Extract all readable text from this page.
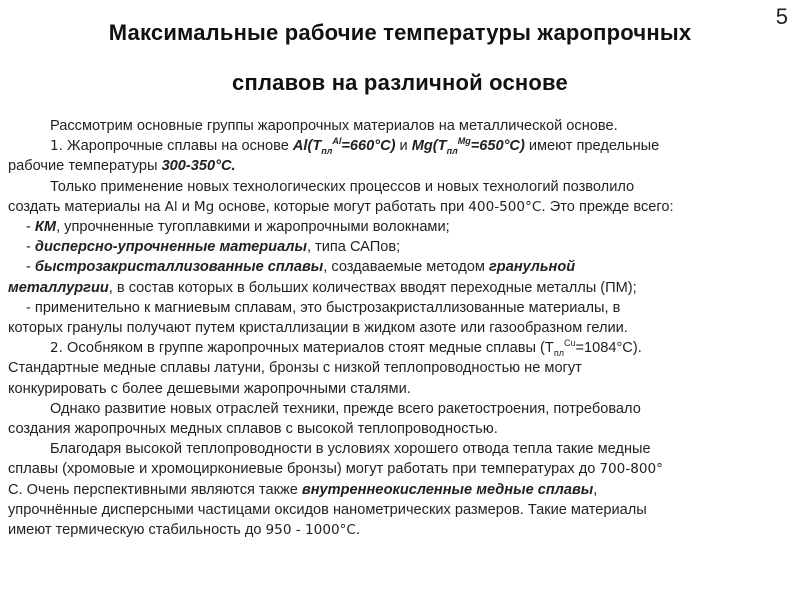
5
Максимальные рабочие температуры жаропрочных
сплавов на различной основе

Рассмотрим основные группы жаропрочных материалов на металлической основе.

1. Жаропрочные сплавы на основе $Al(T_{пл}^{Al}=660^\circ C)$ и $Mg(T_{пл}^{Mg}=650^\circ C)$ имеют предельные

рабочие температуры 300-350°С.

Только применение новых технологических процессов и новых технологий позволило

создать материалы на Al и Mg основе, которые могут работать при 400-500°С. Это прежде всего:

- КМ, упрочненные тугоплавкими и жаропрочными волокнами;

- дисперсно-упрочненные материалы, типа САПов;

- быстрозакристаллизованные сплавы, создаваемые методом гранульной

металлургии, в состав которых в больших количествах вводят переходные металлы (ПМ);

- применительно к магниевым сплавам, это быстрозакристаллизованные материалы, в

которых гранулы получают путем кристаллизации в жидком азоте или газообразном гелии.

2. Особняком в группе жаропрочных материалов стоят медные сплавы $(Т_{пл}^{Cu}=1084^\circ С)$.

Стандартные медные сплавы латуни, бронзы с низкой теплопроводностью не могут

конкурировать с более дешевыми жаропрочными сталями.

Однако развитие новых отраслей техники, прежде всего ракетостроения, потребовало

создания жаропрочных медных сплавов с высокой теплопроводностью.

Благодаря высокой теплопроводности в условиях хорошего отвода тепла такие медные

сплавы (хромовые и хромоциркониевые бронзы) могут работать при температурах до 700-800°

С. Очень перспективными являются также внутреннеокисленные медные сплавы,

упрочнённые дисперсными частицами оксидов нанометрических размеров. Такие материалы

имеют термическую стабильность до 950 - 1000°С.
